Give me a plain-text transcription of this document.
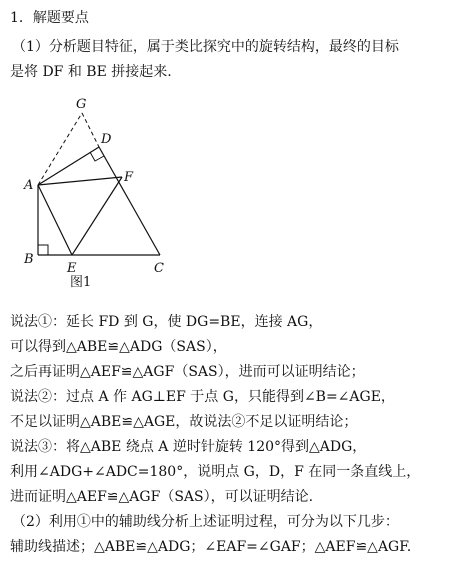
1．解题要点
（1）分析题目特征，属于类比探究中的旋转结构，最终的目标
是将 DF 和 BE 拼接起来.
G
D
A
F
B
E	C
图1
说法①：延长 FD 到 G，使 DG=BE，连接 AG，
可以得到△ABE≌△ADG（SAS），
之后再证明△AEF≌△AGF（SAS），进而可以证明结论；
说法②：过点 A 作 AG⊥EF 于点 G，只能得到∠B=∠AGE，
不足以证明△ABE≌△AGE，故说法②不足以证明结论；
说法③：将△ABE 绕点 A 逆时针旋转 120°得到△ADG，
利用∠ADG+∠ADC=180°，说明点 G，D，F 在同一条直线上，
进而证明△AEF≌△AGF（SAS），可以证明结论.
（2）利用①中的辅助线分析上述证明过程，可分为以下几步：
辅助线描述；△ABE≌△ADG；∠EAF=∠GAF；△AEF≌△AGF.
